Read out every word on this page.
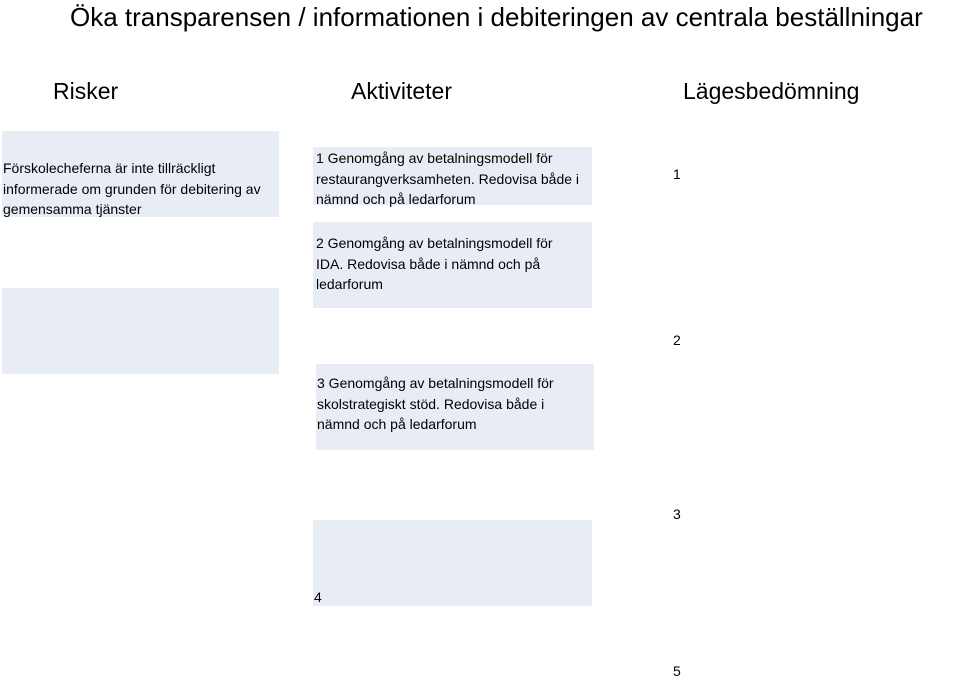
Öka transparensen / informationen i debiteringen av centrala beställningar
Risker	Aktiviteter	Lägesbedömning
Förskolecheferna är inte tillräckligt informerade om grunden för debitering av gemensamma tjänster
1 Genomgång av betalningsmodell för restaurangverksamheten. Redovisa både i nämnd och på ledarforum
2 Genomgång av betalningsmodell för IDA. Redovisa både i nämnd och på ledarforum
3 Genomgång av betalningsmodell för skolstrategiskt stöd. Redovisa både i nämnd och på ledarforum
4
1
2
3
5
